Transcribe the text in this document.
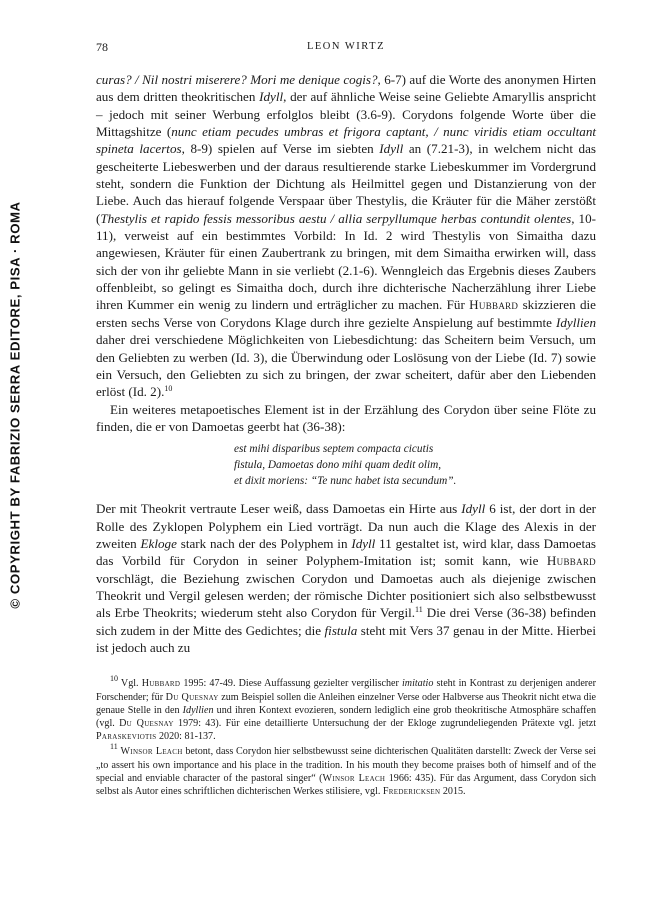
© COPYRIGHT BY FABRIZIO SERRA EDITORE, PISA · ROMA
78	LEON WIRTZ

curas? / Nil nostri miserere? Mori me denique cogis?, 6-7) auf die Worte des anonymen Hirten aus dem dritten theokritischen Idyll, der auf ähnliche Weise seine Geliebte Amaryllis anspricht – jedoch mit seiner Werbung erfolglos bleibt (3.6-9). Corydons folgende Worte über die Mittagshitze (nunc etiam pecudes umbras et frigora captant, / nunc viridis etiam occultant spineta lacertos, 8-9) spielen auf Verse im siebten Idyll an (7.21-3), in welchem nicht das gescheiterte Liebeswerben und der daraus resultierende starke Liebeskummer im Vordergrund steht, sondern die Funktion der Dichtung als Heilmittel gegen und Distanzierung von der Liebe. Auch das hierauf folgende Verspaar über Thestylis, die Kräuter für die Mäher zerstößt (Thestylis et rapido fessis messoribus aestu / allia serpyllumque herbas contundit olentes, 10-11), verweist auf ein bestimmtes Vorbild: In Id. 2 wird Thestylis von Simaitha dazu angewiesen, Kräuter für einen Zaubertrank zu bringen, mit dem Simaitha erwirken will, dass sich der von ihr geliebte Mann in sie verliebt (2.1-6). Wenngleich das Ergebnis dieses Zaubers offenbleibt, so gelingt es Simaitha doch, durch ihre dichterische Nacherzählung ihrer Liebe ihren Kummer ein wenig zu lindern und erträglicher zu machen. Für Hubbard skizzieren die ersten sechs Verse von Corydons Klage durch ihre gezielte Anspielung auf bestimmte Idyllien daher drei verschiedene Möglichkeiten von Liebesdichtung: das Scheitern beim Versuch, um den Geliebten zu werben (Id. 3), die Überwindung oder Loslösung von der Liebe (Id. 7) sowie ein Versuch, den Geliebten zu sich zu bringen, der zwar scheitert, dafür aber den Liebenden erlöst (Id. 2).$^{10}$

Ein weiteres metapoetisches Element ist in der Erzählung des Corydon über seine Flöte zu finden, die er von Damoetas geerbt hat (36-38):

est mihi disparibus septem compacta cicutis
fistula, Damoetas dono mihi quam dedit olim,
et dixit moriens: “Te nunc habet ista secundum”.

Der mit Theokrit vertraute Leser weiß, dass Damoetas ein Hirte aus Idyll 6 ist, der dort in der Rolle des Zyklopen Polyphem ein Lied vorträgt. Da nun auch die Klage des Alexis in der zweiten Ekloge stark nach der des Polyphem in Idyll 11 gestaltet ist, wird klar, dass Damoetas das Vorbild für Corydon in seiner Polyphem-Imitation ist; somit kann, wie Hubbard vorschlägt, die Beziehung zwischen Corydon und Damoetas auch als diejenige zwischen Theokrit und Vergil gelesen werden; der römische Dichter positioniert sich also selbstbewusst als Erbe Theokrits; wiederum steht also Corydon für Vergil.$^{11}$ Die drei Verse (36-38) befinden sich zudem in der Mitte des Gedichtes; die fistula steht mit Vers 37 genau in der Mitte. Hierbei ist jedoch auch zu

$^{10}$ Vgl. Hubbard 1995: 47-49. Diese Auffassung gezielter vergilischer imitatio steht in Kontrast zu derjenigen anderer Forschender; für Du Quesnay zum Beispiel sollen die Anleihen einzelner Verse oder Halbverse aus Theokrit nicht etwa die genaue Stelle in den Idyllien und ihren Kontext evozieren, sondern lediglich eine grob theokritische Atmosphäre schaffen (vgl. Du Quesnay 1979: 43). Für eine detaillierte Untersuchung der der Ekloge zugrundeliegenden Prätexte vgl. jetzt Paraskeviotis 2020: 81-137.

$^{11}$ Winsor Leach betont, dass Corydon hier selbstbewusst seine dichterischen Qualitäten darstellt: Zweck der Verse sei „to assert his own importance and his place in the tradition. In his mouth they become praises both of himself and of the special and enviable character of the pastoral singer“ (Winsor Leach 1966: 435). Für das Argument, dass Corydon sich selbst als Autor eines schriftlichen dichterischen Werkes stilisiere, vgl. Fredericksen 2015.
